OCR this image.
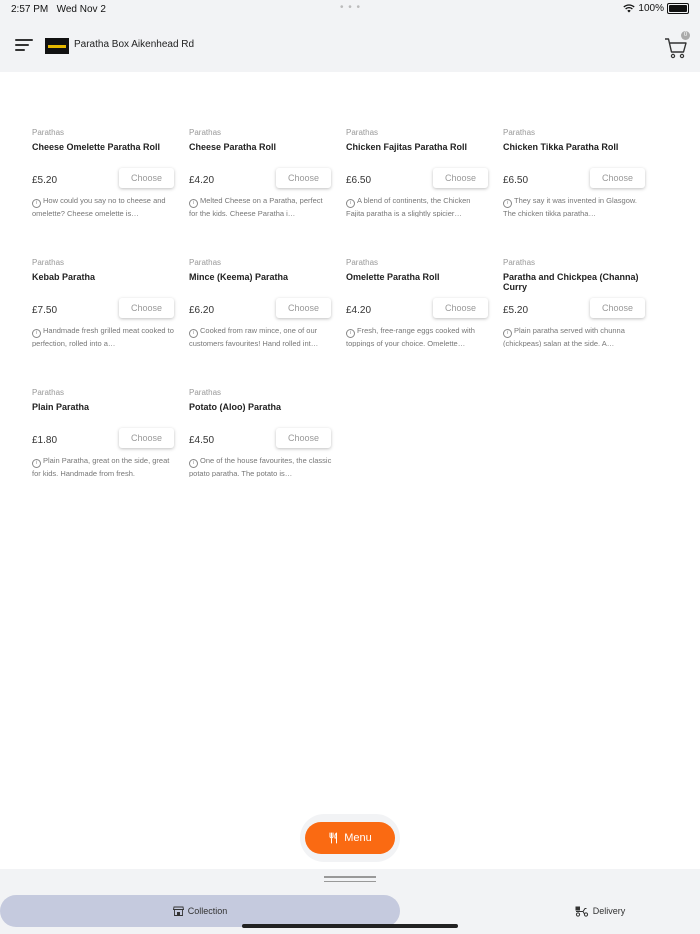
2:57 PM Wed Nov 2	• • •	100%
Paratha Box Aikenhead Rd
0
Parathas
Cheese Omelette Paratha Roll
£5.20	Choose
i How could you say no to cheese and omelette? Cheese omelette is…
Parathas
Cheese Paratha Roll
£4.20	Choose
i Melted Cheese on a Paratha, perfect for the kids. Cheese Paratha i…
Parathas
Chicken Fajitas Paratha Roll
£6.50	Choose
i A blend of continents, the Chicken Fajita paratha is a slightly spicier…
Parathas
Chicken Tikka Paratha Roll
£6.50	Choose
i They say it was invented in Glasgow. The chicken tikka paratha…
Parathas
Kebab Paratha
£7.50	Choose
i Handmade fresh grilled meat cooked to perfection, rolled into a…
Parathas
Mince (Keema) Paratha
£6.20	Choose
i Cooked from raw mince, one of our customers favourites! Hand rolled int…
Parathas
Omelette Paratha Roll
£4.20	Choose
i Fresh, free-range eggs cooked with toppings of your choice. Omelette…
Parathas
Paratha and Chickpea (Channa) Curry
£5.20	Choose
i Plain paratha served with chunna (chickpeas) salan at the side. A…
Parathas
Plain Paratha
£1.80	Choose
i Plain Paratha, great on the side, great for kids. Handmade from fresh.
Parathas
Potato (Aloo) Paratha
£4.50	Choose
i One of the house favourites, the classic potato paratha. The potato is…
Menu
Collection	Delivery
